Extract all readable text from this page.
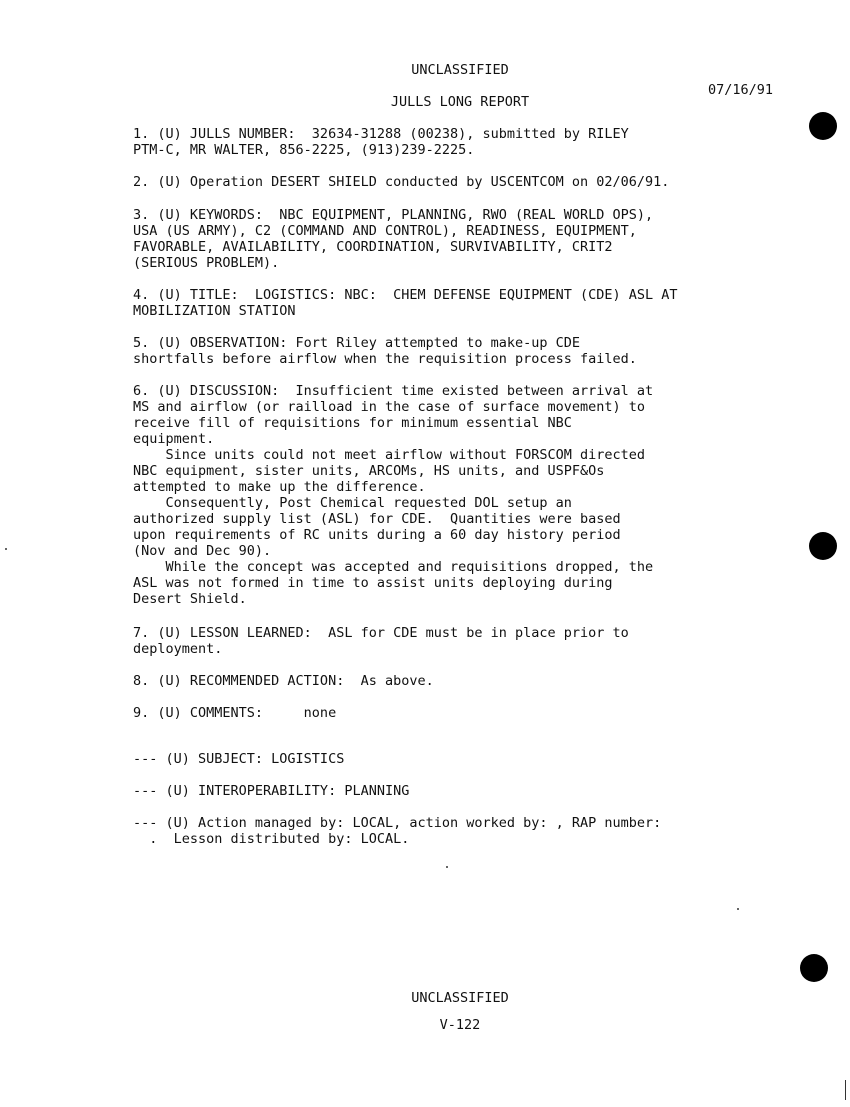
UNCLASSIFIED
07/16/91
JULLS LONG REPORT
1. (U) JULLS NUMBER:  32634-31288 (00238), submitted by RILEY
PTM-C, MR WALTER, 856-2225, (913)239-2225.
2. (U) Operation DESERT SHIELD conducted by USCENTCOM on 02/06/91.
3. (U) KEYWORDS:  NBC EQUIPMENT, PLANNING, RWO (REAL WORLD OPS),
USA (US ARMY), C2 (COMMAND AND CONTROL), READINESS, EQUIPMENT,
FAVORABLE, AVAILABILITY, COORDINATION, SURVIVABILITY, CRIT2
(SERIOUS PROBLEM).
4. (U) TITLE:  LOGISTICS: NBC:  CHEM DEFENSE EQUIPMENT (CDE) ASL AT
MOBILIZATION STATION
5. (U) OBSERVATION: Fort Riley attempted to make-up CDE
shortfalls before airflow when the requisition process failed.
6. (U) DISCUSSION:  Insufficient time existed between arrival at
MS and airflow (or railload in the case of surface movement) to
receive fill of requisitions for minimum essential NBC
equipment.
Since units could not meet airflow without FORSCOM directed
NBC equipment, sister units, ARCOMs, HS units, and USPF&Os
attempted to make up the difference.
Consequently, Post Chemical requested DOL setup an
authorized supply list (ASL) for CDE.  Quantities were based
upon requirements of RC units during a 60 day history period
(Nov and Dec 90).
While the concept was accepted and requisitions dropped, the
ASL was not formed in time to assist units deploying during
Desert Shield.
7. (U) LESSON LEARNED:  ASL for CDE must be in place prior to
deployment.
8. (U) RECOMMENDED ACTION:  As above.
9. (U) COMMENTS:     none
--- (U) SUBJECT: LOGISTICS
--- (U) INTEROPERABILITY: PLANNING
--- (U) Action managed by: LOCAL, action worked by: , RAP number:
.  Lesson distributed by: LOCAL.
UNCLASSIFIED
V-122
